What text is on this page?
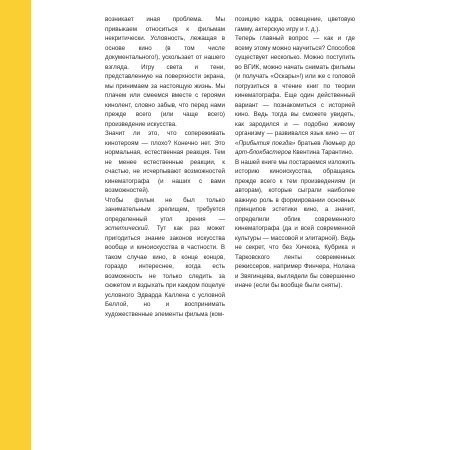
возникает иная проблема. Мы привыкаем относиться к фильмам некритически. Условность, лежащая в основе кино (в том числе документального!), ускользает от нашего взгляда. Игру света и тени, представленную на поверхности экрана, мы принимаем за настоящую жизнь. Мы плачем или смеемся вместе с героями кинолент, словно забыв, что перед нами прежде всего (или чаще всего) произведение искусства.

Значит ли это, что сопереживать кинотероям — плохо? Конечно нет. Это нормальная, естественная реакция. Тем не менее естественные реакции, к счастью, не исчерпывают возможностей кинематографа (и наших с вами возможностей).

Чтобы фильм не был только занимательным зрелищем, требуется определенный угол зрения — эстетический. Тут как раз может пригодиться знание законов искусства вообще и киноискусства в частности. В таком случае кино, в конце концов, гораздо интереснее, когда есть возможность не только следить за сюжетом и вздыхать при каждом поцелуе условного Эдварда Каллена с условной Беллой, но и воспринимать художественные элементы фильма (ком-

позицию кадра, освещение, цветовую гамму, актерскую игру и т. д.).

Теперь главный вопрос — как и где всему этому можно научиться? Способов существует несколько. Можно поступить во ВГИК, можно начать снимать фильмы (и получать «Оскары»!) или же с головой погрузиться в чтение книг по теории кинематографа. Еще один действенный вариант — познакомиться с историей кино. Ведь тогда вы сможете увидеть, как зародился и — подобно живому организму — развивался язык кино — от «Прибытия поезда» братьев Люмьер до арт-блокбастеров Квентина Тарантино.

В нашей книге мы постараемся изложить историю киноискусства, обращаясь прежде всего к тем произведениям (и авторам), которые сыграли наиболее важную роль в формировании основных принципов эстетики кино, а значит, определили облик современного кинематографа (да и всей современной культуры — массовой и элитарной). Ведь не секрет, что без Хичкока, Кубрика и Тарковского ленты современных режиссеров, например Финчера, Нолана и Звягинцева, выглядели бы совершенно иначе (если бы вообще были сняты).
